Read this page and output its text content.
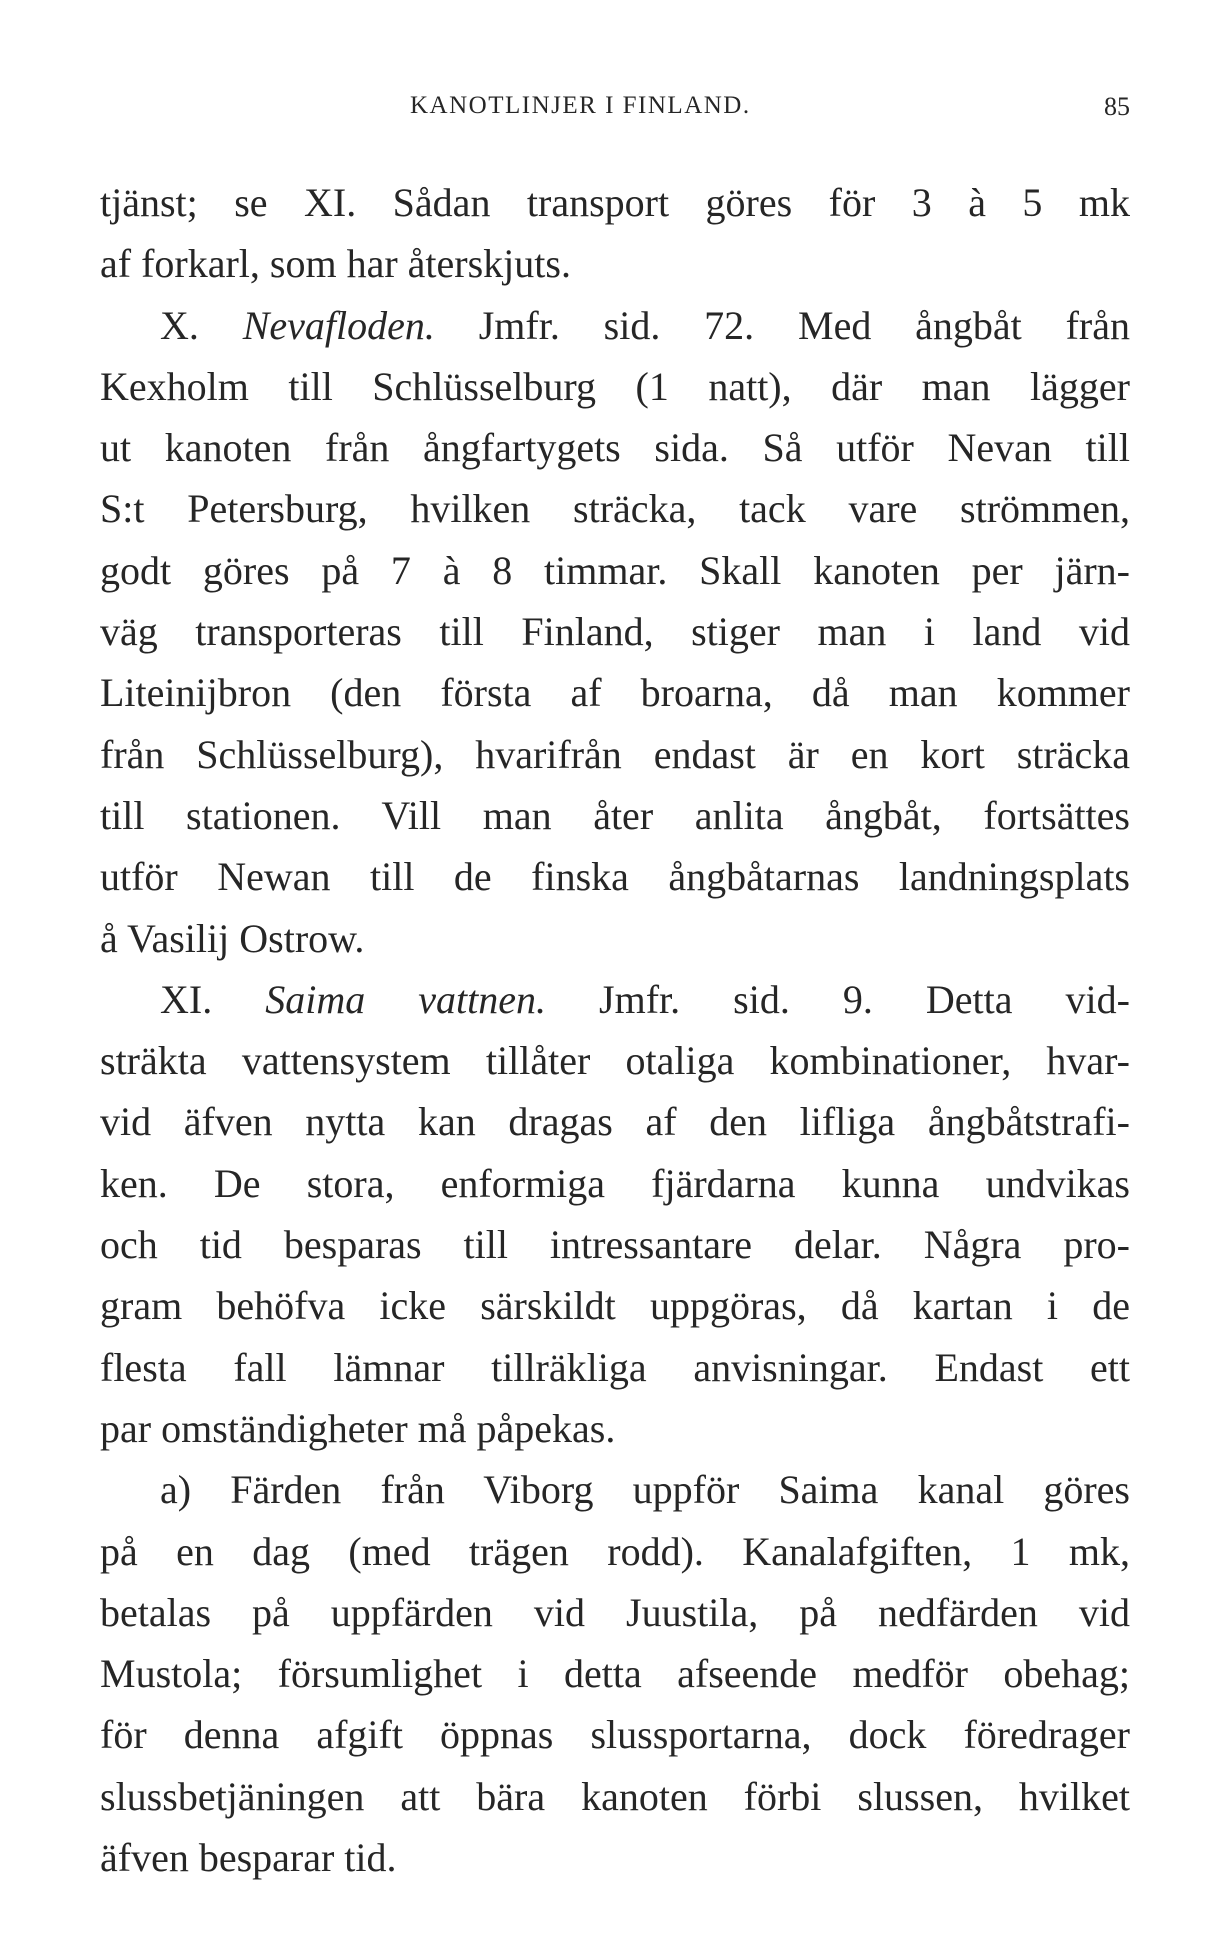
KANOTLINJER I FINLAND.	85
tjänst; se XI. Sådan transport göres för 3 à 5 mk
af forkarl, som har återskjuts.
X. Nevafloden. Jmfr. sid. 72. Med ångbåt från
Kexholm till Schlüsselburg (1 natt), där man lägger
ut kanoten från ångfartygets sida. Så utför Nevan till
S:t Petersburg, hvilken sträcka, tack vare strömmen,
godt göres på 7 à 8 timmar. Skall kanoten per järn-
väg transporteras till Finland, stiger man i land vid
Liteinijbron (den första af broarna, då man kommer
från Schlüsselburg), hvarifrån endast är en kort sträcka
till stationen. Vill man åter anlita ångbåt, fortsättes
utför Newan till de finska ångbåtarnas landningsplats
å Vasilij Ostrow.
XI. Saima vattnen. Jmfr. sid. 9. Detta vid-
sträkta vattensystem tillåter otaliga kombinationer, hvar-
vid äfven nytta kan dragas af den lifliga ångbåtstrafi-
ken. De stora, enformiga fjärdarna kunna undvikas
och tid besparas till intressantare delar. Några pro-
gram behöfva icke särskildt uppgöras, då kartan i de
flesta fall lämnar tillräkliga anvisningar. Endast ett
par omständigheter må påpekas.
a) Färden från Viborg uppför Saima kanal göres
på en dag (med trägen rodd). Kanalafgiften, 1 mk,
betalas på uppfärden vid Juustila, på nedfärden vid
Mustola; försumlighet i detta afseende medför obehag;
för denna afgift öppnas slussportarna, dock föredrager
slussbetjäningen att bära kanoten förbi slussen, hvilket
äfven besparar tid.
